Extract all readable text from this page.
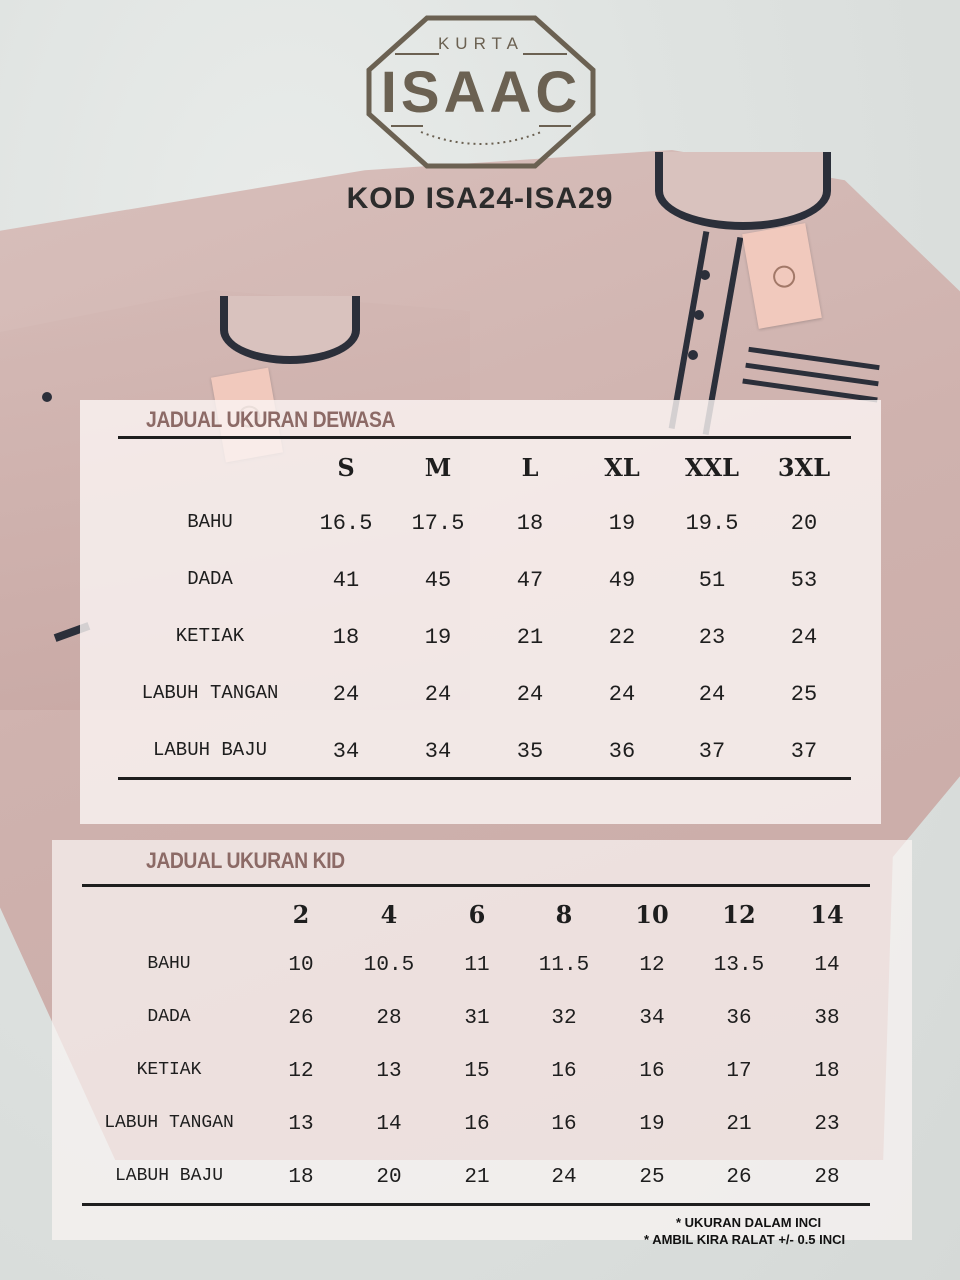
KURTA
ISAAC
KOD ISA24-ISA29
JADUAL UKURAN DEWASA
S	M	L	XL	XXL	3XL
BAHU	16.5	17.5	18	19	19.5	20
DADA	41	45	47	49	51	53
KETIAK	18	19	21	22	23	24
LABUH TANGAN	24	24	24	24	24	25
LABUH BAJU	34	34	35	36	37	37
JADUAL UKURAN KID
2	4	6	8	10	12	14
BAHU	10	10.5	11	11.5	12	13.5	14
DADA	26	28	31	32	34	36	38
KETIAK	12	13	15	16	16	17	18
LABUH TANGAN	13	14	16	16	19	21	23
LABUH BAJU	18	20	21	24	25	26	28
* UKURAN DALAM INCI
* AMBIL KIRA RALAT +/- 0.5 INCI
